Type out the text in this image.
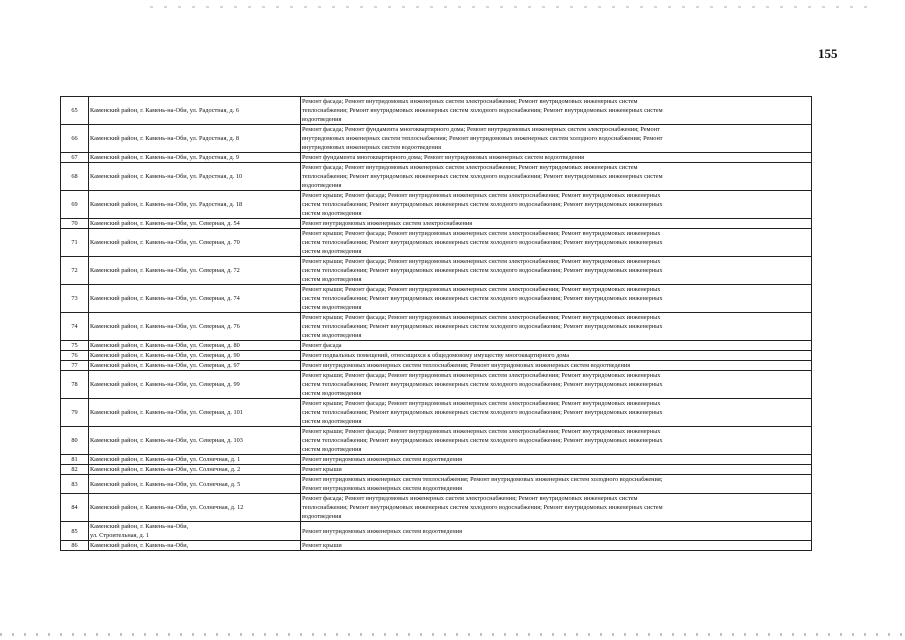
155
65	Каменский район, г. Камень-на-Оби, ул. Радостная, д. 6	Ремонт фасада; Ремонт внутридомовых инженерных систем электроснабжения; Ремонт внутридомовых инженерных систем
теплоснабжения; Ремонт внутридомовых инженерных систем холодного водоснабжения; Ремонт внутридомовых инженерных систем
водоотведения

66	Каменский район, г. Камень-на-Оби, ул. Радостная, д. 8	Ремонт фасада; Ремонт фундамента многоквартирного дома; Ремонт внутридомовых инженерных систем электроснабжения; Ремонт
внутридомовых инженерных систем теплоснабжения; Ремонт внутридомовых инженерных систем холодного водоснабжения; Ремонт
внутридомовых инженерных систем водоотведения

67	Каменский район, г. Камень-на-Оби, ул. Радостная, д. 9	Ремонт фундамента многоквартирного дома; Ремонт внутридомовых инженерных систем водоотведения

68	Каменский район, г. Камень-на-Оби, ул. Радостная, д. 10	Ремонт фасада; Ремонт внутридомовых инженерных систем электроснабжения; Ремонт внутридомовых инженерных систем
теплоснабжения; Ремонт внутридомовых инженерных систем холодного водоснабжения; Ремонт внутридомовых инженерных систем
водоотведения

69	Каменский район, г. Камень-на-Оби, ул. Радостная, д. 18	Ремонт крыши; Ремонт фасада; Ремонт внутридомовых инженерных систем электроснабжения; Ремонт внутридомовых инженерных
систем теплоснабжения; Ремонт внутридомовых инженерных систем холодного водоснабжения; Ремонт внутридомовых инженерных
систем водоотведения

70	Каменский район, г. Камень-на-Оби, ул. Северная, д. 54	Ремонт внутридомовых инженерных систем электроснабжения

71	Каменский район, г. Камень-на-Оби, ул. Северная, д. 70	Ремонт крыши; Ремонт фасада; Ремонт внутридомовых инженерных систем электроснабжения; Ремонт внутридомовых инженерных
систем теплоснабжения; Ремонт внутридомовых инженерных систем холодного водоснабжения; Ремонт внутридомовых инженерных
систем водоотведения

72	Каменский район, г. Камень-на-Оби, ул. Северная, д. 72	Ремонт крыши; Ремонт фасада; Ремонт внутридомовых инженерных систем электроснабжения; Ремонт внутридомовых инженерных
систем теплоснабжения; Ремонт внутридомовых инженерных систем холодного водоснабжения; Ремонт внутридомовых инженерных
систем водоотведения

73	Каменский район, г. Камень-на-Оби, ул. Северная, д. 74	Ремонт крыши; Ремонт фасада; Ремонт внутридомовых инженерных систем электроснабжения; Ремонт внутридомовых инженерных
систем теплоснабжения; Ремонт внутридомовых инженерных систем холодного водоснабжения; Ремонт внутридомовых инженерных
систем водоотведения

74	Каменский район, г. Камень-на-Оби, ул. Северная, д. 76	Ремонт крыши; Ремонт фасада; Ремонт внутридомовых инженерных систем электроснабжения; Ремонт внутридомовых инженерных
систем теплоснабжения; Ремонт внутридомовых инженерных систем холодного водоснабжения; Ремонт внутридомовых инженерных
систем водоотведения

75	Каменский район, г. Камень-на-Оби, ул. Северная, д. 80	Ремонт фасада

76	Каменский район, г. Камень-на-Оби, ул. Северная, д. 90	Ремонт подвальных помещений, относящихся к общедомовому имуществу многоквартирного дома

77	Каменский район, г. Камень-на-Оби, ул. Северная, д. 97	Ремонт внутридомовых инженерных систем теплоснабжения; Ремонт внутридомовых инженерных систем водоотведения

78	Каменский район, г. Камень-на-Оби, ул. Северная, д. 99	Ремонт крыши; Ремонт фасада; Ремонт внутридомовых инженерных систем электроснабжения; Ремонт внутридомовых инженерных
систем теплоснабжения; Ремонт внутридомовых инженерных систем холодного водоснабжения; Ремонт внутридомовых инженерных
систем водоотведения

79	Каменский район, г. Камень-на-Оби, ул. Северная, д. 101	Ремонт крыши; Ремонт фасада; Ремонт внутридомовых инженерных систем электроснабжения; Ремонт внутридомовых инженерных
систем теплоснабжения; Ремонт внутридомовых инженерных систем холодного водоснабжения; Ремонт внутридомовых инженерных
систем водоотведения

80	Каменский район, г. Камень-на-Оби, ул. Северная, д. 103	Ремонт крыши; Ремонт фасада; Ремонт внутридомовых инженерных систем электроснабжения; Ремонт внутридомовых инженерных
систем теплоснабжения; Ремонт внутридомовых инженерных систем холодного водоснабжения; Ремонт внутридомовых инженерных
систем водоотведения

81	Каменский район, г. Камень-на-Оби, ул. Солнечная, д. 1	Ремонт внутридомовых инженерных систем водоотведения

82	Каменский район, г. Камень-на-Оби, ул. Солнечная, д. 2	Ремонт крыши

83	Каменский район, г. Камень-на-Оби, ул. Солнечная, д. 5	Ремонт внутридомовых инженерных систем теплоснабжения; Ремонт внутридомовых инженерных систем холодного водоснабжения;
Ремонт внутридомовых инженерных систем водоотведения

84	Каменский район, г. Камень-на-Оби, ул. Солнечная, д. 12	Ремонт фасада; Ремонт внутридомовых инженерных систем электроснабжения; Ремонт внутридомовых инженерных систем
теплоснабжения; Ремонт внутридомовых инженерных систем холодного водоснабжения; Ремонт внутридомовых инженерных систем
водоотведения

85	Каменский район, г. Камень-на-Оби,
ул. Строительная, д. 1	Ремонт внутридомовых инженерных систем водоотведения

86	Каменский район, г. Камень-на-Оби,	Ремонт крыши
